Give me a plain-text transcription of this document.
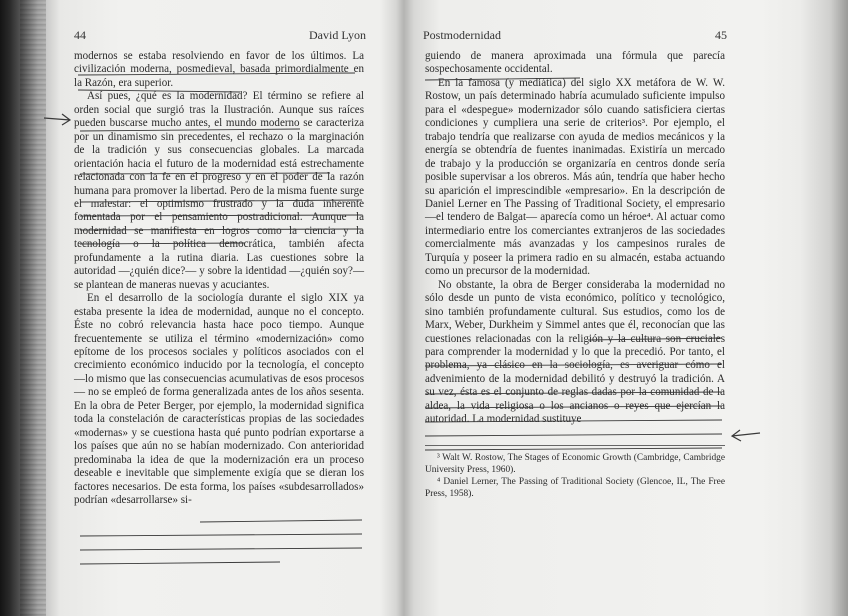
44	David Lyon

modernos se estaba resolviendo en favor de los últimos. La civilización moderna, posmedieval, basada primordialmente en la Razón, era superior.

Así pues, ¿qué es la modernidad? El término se refiere al orden social que surgió tras la Ilustración. Aunque sus raíces pueden buscarse mucho antes, el mundo moderno se caracteriza por un dinamismo sin precedentes, el rechazo o la marginación de la tradición y sus consecuencias globales. La marcada orientación hacia el futuro de la modernidad está estrechamente relacionada con la fe en el progreso y en el poder de la razón humana para promover la libertad. Pero de la misma fuente surge el malestar: el optimismo frustrado y la duda inherente fomentada por el pensamiento postradicional. Aunque la modernidad se manifiesta en logros como la ciencia y la tecnología o la política democrática, también afecta profundamente a la rutina diaria. Las cuestiones sobre la autoridad —¿quién dice?— y sobre la identidad —¿quién soy?— se plantean de maneras nuevas y acuciantes.

En el desarrollo de la sociología durante el siglo XIX ya estaba presente la idea de modernidad, aunque no el concepto. Éste no cobró relevancia hasta hace poco tiempo. Aunque frecuentemente se utiliza el término «modernización» como epítome de los procesos sociales y políticos asociados con el crecimiento económico inducido por la tecnología, el concepto —lo mismo que las consecuencias acumulativas de esos procesos— no se empleó de forma generalizada antes de los años sesenta. En la obra de Peter Berger, por ejemplo, la modernidad significa toda la constelación de características propias de las sociedades «modernas» y se cuestiona hasta qué punto podrían exportarse a los países que aún no se habían modernizado. Con anterioridad predominaba la idea de que la modernización era un proceso deseable e inevitable que simplemente exigía que se dieran los factores necesarios. De esta forma, los países «subdesarrollados» podrían «desarrollarse» si-

Postmodernidad	45

guiendo de manera aproximada una fórmula que parecía sospechosamente occidental.

En la famosa (y mediática) del siglo XX metáfora de W. W. Rostow, un país determinado habría acumulado suficiente impulso para el «despegue» modernizador sólo cuando satisficiera ciertas condiciones y cumpliera una serie de criterios³. Por ejemplo, el trabajo tendría que realizarse con ayuda de medios mecánicos y la energía se obtendría de fuentes inanimadas. Existiría un mercado de trabajo y la producción se organizaría en centros donde sería posible supervisar a los obreros. Más aún, tendría que haber hecho su aparición el imprescindible «empresario». En la descripción de Daniel Lerner en The Passing of Traditional Society, el empresario —el tendero de Balgat— aparecía como un héroe⁴. Al actuar como intermediario entre los comerciantes extranjeros de las sociedades comercialmente más avanzadas y los campesinos rurales de Turquía y poseer la primera radio en su almacén, estaba actuando como un precursor de la modernidad.

No obstante, la obra de Berger consideraba la modernidad no sólo desde un punto de vista económico, político y tecnológico, sino también profundamente cultural. Sus estudios, como los de Marx, Weber, Durkheim y Simmel antes que él, reconocían que las cuestiones relacionadas con la religión y la cultura son cruciales para comprender la modernidad y lo que la precedió. Por tanto, el problema, ya clásico en la sociología, es averiguar cómo el advenimiento de la modernidad debilitó y destruyó la tradición. A su vez, ésta es el conjunto de reglas dadas por la comunidad de la aldea, la vida religiosa o los ancianos o reyes que ejercían la autoridad. La modernidad sustituye

³ Walt W. Rostow, The Stages of Economic Growth (Cambridge, Cambridge University Press, 1960).

⁴ Daniel Lerner, The Passing of Traditional Society (Glencoe, IL, The Free Press, 1958).
